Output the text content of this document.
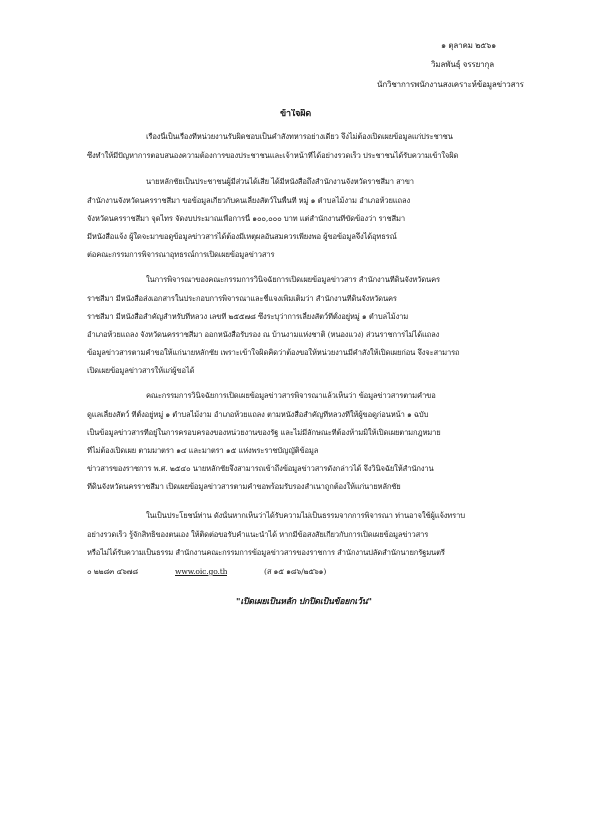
๑ ตุลาคม ๒๕๖๑
วิมลพันธุ์ จรรยากุล
นักวิชาการพนักงานสงเคราะห์ข้อมูลข่าวสาร
ข้าใจผิด
เรื่องนี้เป็นเรื่องที่หน่วยงานรับผิดชอบเป็นคำสั่งทหารอย่างเดียว จึงไม่ต้องเปิดเผยข้อมูลแก่ประชาชน
ซึ่งทำให้มีปัญหาการตอบสนองความต้องการของประชาชนและเจ้าหน้าที่ได้อย่างรวดเร็ว ประชาชนได้รับความเข้าใจผิด
นายหลักชัยเป็นประชาชนผู้มีส่วนได้เสีย ได้มีหนังสือถึงสำนักงานจังหวัดราชสีมา สาขา
สำนักงานจังหวัดนครราชสีมา ขอข้อมูลเกี่ยวกับคนเลี้ยงสัตว์ในพื้นที่ หมู่ ๑ ตำบลไม้งาม อำเภอห้วยแถลง
จังหวัดนครราชสีมา จุดไทร จัดงบประมาณเพื่อการนี้ ๑๐๐,๐๐๐ บาท แต่สำนักงานที่ขัดข้องว่า ราชสีมา
มีหนังสือแจ้ง ผู้ใดจะมาขอดูข้อมูลข่าวสารได้ต้องมีเหตุผลอันสมควรเพียงพอ ผู้ขอข้อมูลจึงได้อุทธรณ์
ต่อคณะกรรมการพิจารณาอุทธรณ์การเปิดเผยข้อมูลข่าวสาร
ในการพิจารณาของคณะกรรมการวินิจฉัยการเปิดเผยข้อมูลข่าวสาร สำนักงานที่ดินจังหวัดนคร
ราชสีมา มีหนังสือส่งเอกสารในประกอบการพิจารณาและชี้แจงเพิ่มเติมว่า สำนักงานที่ดินจังหวัดนคร
ราชสีมา มีหนังสือสำคัญสำหรับที่หลวง เลขที่ ๒๕๕๗๘ ซึ่งระบุว่าการเลี้ยงสัตว์ที่ตั้งอยู่หมู่ ๑ ตำบลไม้งาม
อำเภอห้วยแถลง จังหวัดนครราชสีมา ออกหนังสือรับรอง ณ บ้านงามแห่งชาติ (หนองแวง) ส่วนราชการไม่ได้แถลง
ข้อมูลข่าวสารตามคำขอให้แก่นายหลักชัย เพราะเข้าใจผิดคิดว่าต้องขอให้หน่วยงานมีคำสั่งให้เปิดเผยก่อน จึงจะสามารถ
เปิดเผยข้อมูลข่าวสารให้แก่ผู้ขอได้
คณะกรรมการวินิจฉัยการเปิดเผยข้อมูลข่าวสารพิจารณาแล้วเห็นว่า ข้อมูลข่าวสารตามคำขอ
ดูแลเลี้ยงสัตว์ ที่ตั้งอยู่หมู่ ๑ ตำบลไม้งาม อำเภอห้วยแถลง ตามหนังสือสำคัญที่หลวงที่ให้ผู้ขอดูก่อนหน้า ๑ ฉบับ
เป็นข้อมูลข่าวสารที่อยู่ในการครอบครองของหน่วยงานของรัฐ และไม่มีลักษณะที่ต้องห้ามมิให้เปิดเผยตามกฎหมาย
ที่ไม่ต้องเปิดเผย ตามมาตรา ๑๔ และมาตรา ๑๕ แห่งพระราชบัญญัติข้อมูล
ข่าวสารของราชการ พ.ศ. ๒๕๔๐ นายหลักชัยจึงสามารถเข้าถึงข้อมูลข่าวสารดังกล่าวได้ จึงวินิจฉัยให้สำนักงาน
ที่ดินจังหวัดนครราชสีมา เปิดเผยข้อมูลข่าวสารตามคำขอพร้อมรับรองสำเนาถูกต้องให้แก่นายหลักชัย
ในเป็นประโยชน์ท่าน ดังนั้นหากเห็นว่าได้รับความไม่เป็นธรรมจากการพิจารณา ท่านอาจใช้ผู้แจ้งทราบ
อย่างรวดเร็ว รู้จักสิทธิของตนเอง ให้ติดต่อขอรับคำแนะนำได้ หากมีข้อสงสัยเกี่ยวกับการเปิดเผยข้อมูลข่าวสาร
หรือไม่ได้รับความเป็นธรรม สำนักงานคณะกรรมการข้อมูลข่าวสารของราชการ สำนักงานปลัดสำนักนายกรัฐมนตรี
๐ ๒๒๘๓ ๔๖๗๘	www.oic.go.th	(ส ๑๕ ๑๘๖/๒๕๖๑)
"เปิดเผยเป็นหลัก ปกปิดเป็นข้อยกเว้น"
